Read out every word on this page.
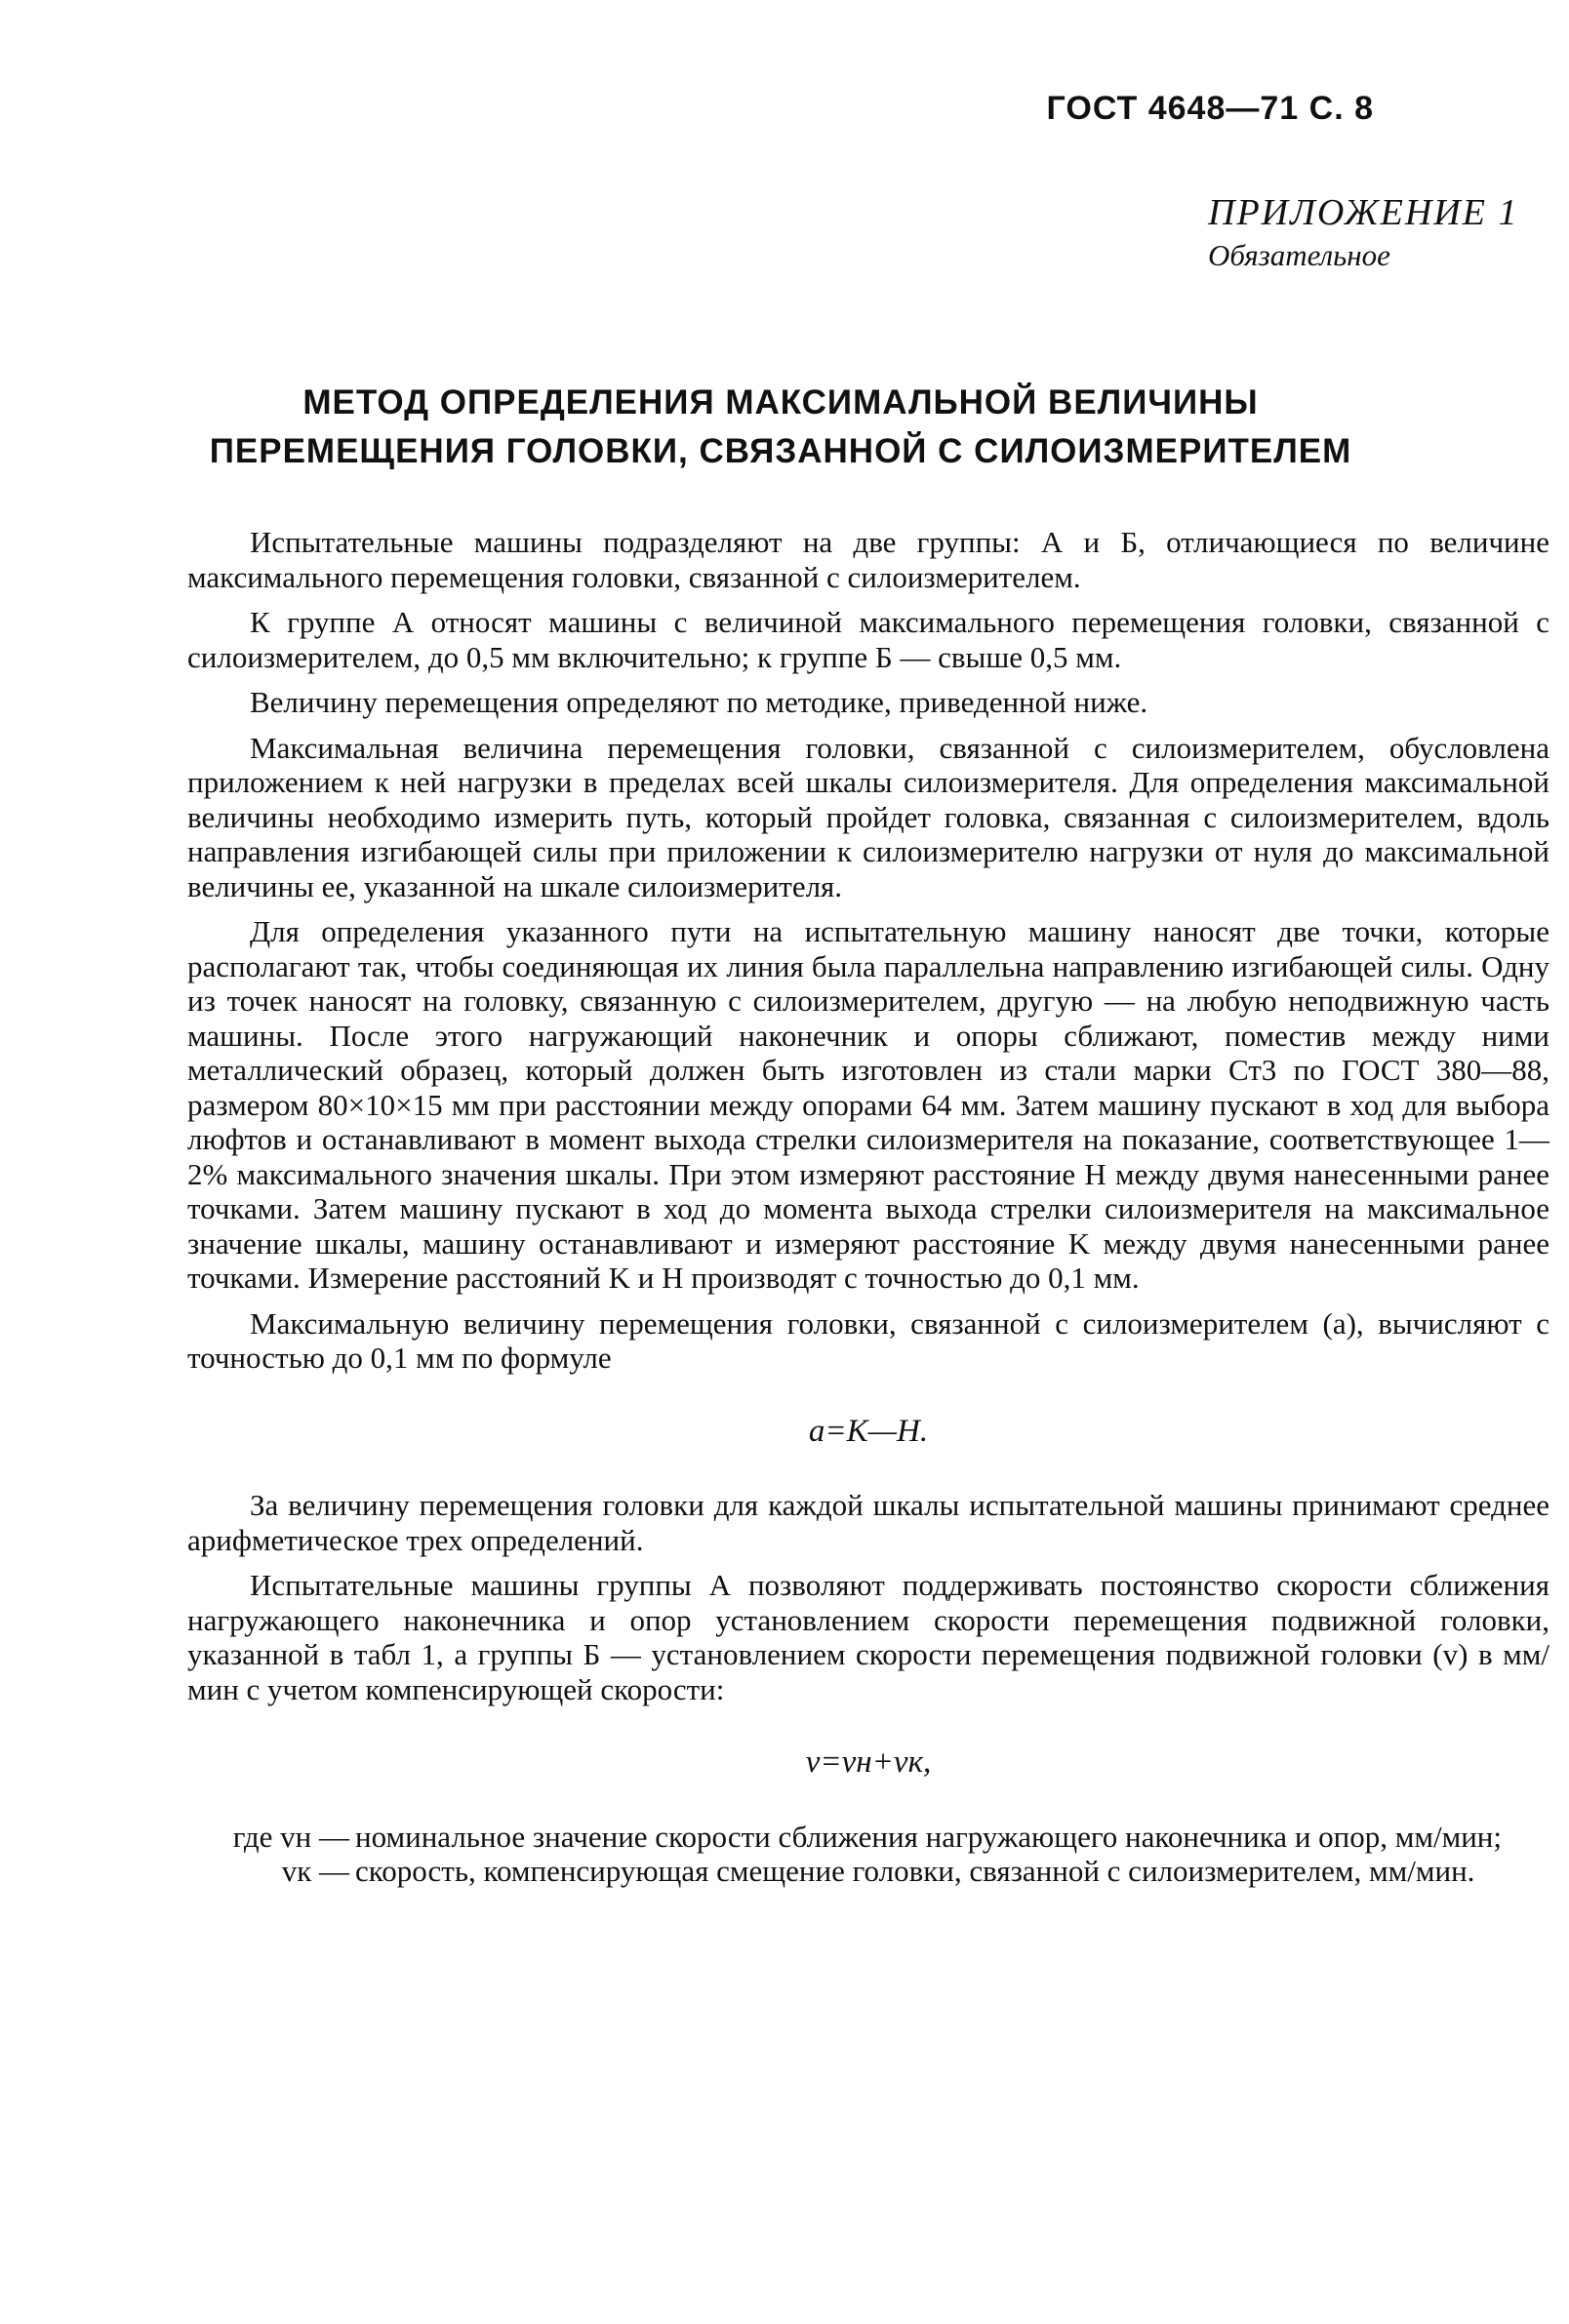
ГОСТ 4648—71 С. 8
ПРИЛОЖЕНИЕ 1
Обязательное
МЕТОД ОПРЕДЕЛЕНИЯ МАКСИМАЛЬНОЙ ВЕЛИЧИНЫ
ПЕРЕМЕЩЕНИЯ ГОЛОВКИ, СВЯЗАННОЙ С СИЛОИЗМЕРИТЕЛЕМ

Испытательные машины подразделяют на две группы: А и Б, отличающиеся по величине максимального перемещения головки, связанной с силоизмерителем.

К группе А относят машины с величиной максимального перемещения головки, связанной с силоизмерителем, до 0,5 мм включительно; к группе Б — свыше 0,5 мм.

Величину перемещения определяют по методике, приведенной ниже.

Максимальная величина перемещения головки, связанной с силоизмерителем, обусловлена приложением к ней нагрузки в пределах всей шкалы силоизмерителя. Для определения максимальной величины необходимо измерить путь, который пройдет головка, связанная с силоизмерителем, вдоль направления изгибающей силы при приложении к силоизмерителю нагрузки от нуля до максимальной величины ее, указанной на шкале силоизмерителя.

Для определения указанного пути на испытательную машину наносят две точки, которые располагают так, чтобы соединяющая их линия была параллельна направлению изгибающей силы. Одну из точек наносят на головку, связанную с силоизмерителем, другую — на любую неподвижную часть машины. После этого нагружающий наконечник и опоры сближают, поместив между ними металлический образец, который должен быть изготовлен из стали марки Ст3 по ГОСТ 380—88, размером 80×10×15 мм при расстоянии между опорами 64 мм. Затем машину пускают в ход для выбора люфтов и останавливают в момент выхода стрелки силоизмерителя на показание, соответствующее 1—2% максимального значения шкалы. При этом измеряют расстояние H между двумя нанесенными ранее точками. Затем машину пускают в ход до момента выхода стрелки силоизмерителя на максимальное значение шкалы, машину останавливают и измеряют расстояние K между двумя нанесенными ранее точками. Измерение расстояний K и H производят с точностью до 0,1 мм.

Максимальную величину перемещения головки, связанной с силоизмерителем (a), вычисляют с точностью до 0,1 мм по формуле

a=K—H.

За величину перемещения головки для каждой шкалы испытательной машины принимают среднее арифметическое трех определений.

Испытательные машины группы А позволяют поддерживать постоянство скорости сближения нагружающего наконечника и опор установлением скорости перемещения подвижной головки, указанной в табл 1, а группы Б — установлением скорости перемещения подвижной головки (v) в мм/мин с учетом компенсирующей скорости:

v=vн+vк,
где vн — номинальное значение скорости сближения нагружающего наконечника и опор, мм/мин;
vк — скорость, компенсирующая смещение головки, связанной с силоизмерителем, мм/мин.
